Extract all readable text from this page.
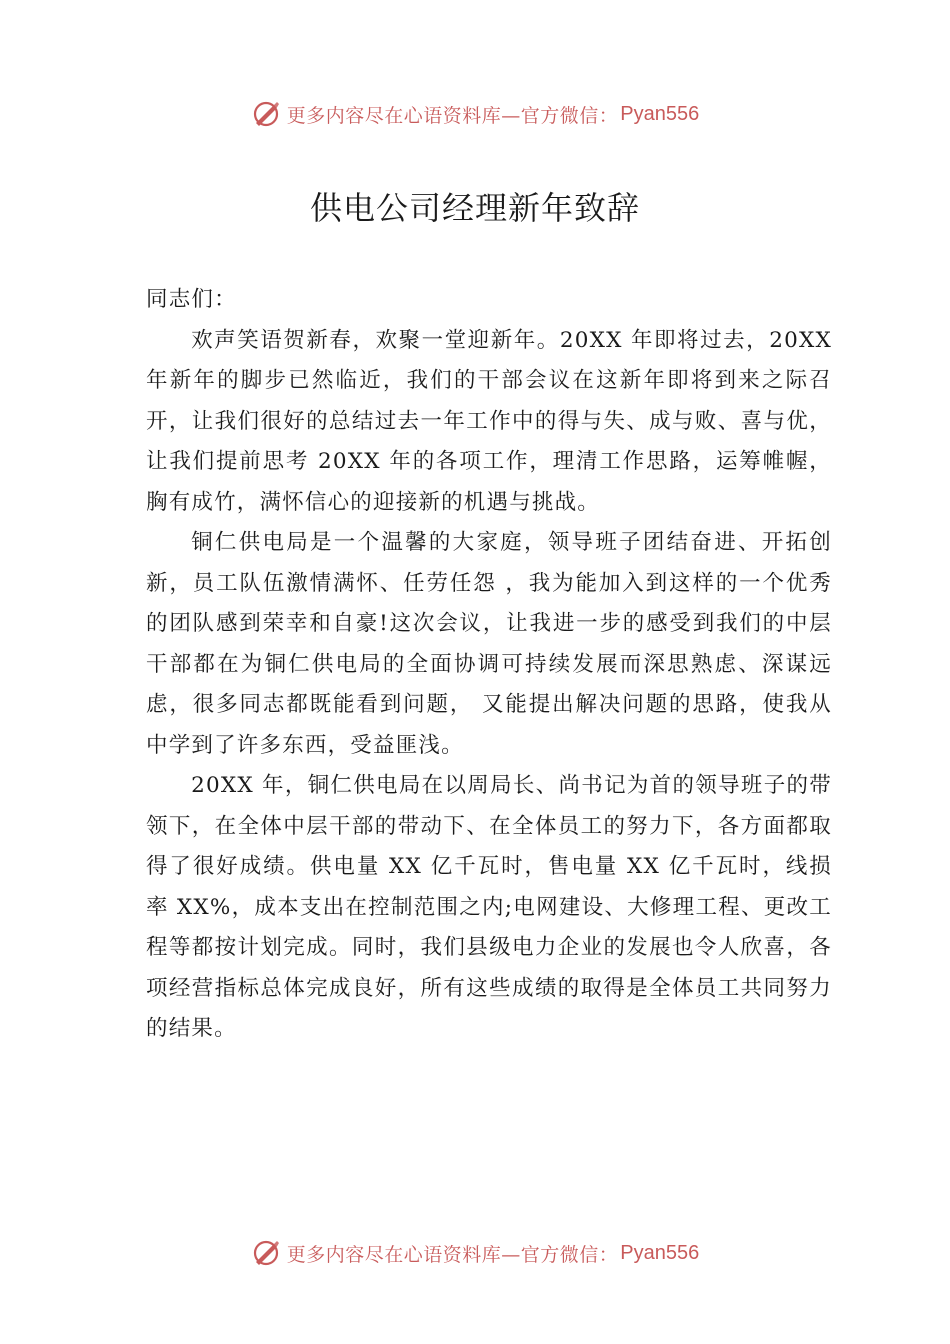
更多内容尽在心语资料库—官方微信： Pyan556
供电公司经理新年致辞

同志们：

欢声笑语贺新春，欢聚一堂迎新年。20XX 年即将过去，20XX 年新年的脚步已然临近，我们的干部会议在这新年即将到来之际召开，让我们很好的总结过去一年工作中的得与失、成与败、喜与优，让我们提前思考 20XX 年的各项工作，理清工作思路，运筹帷幄，胸有成竹，满怀信心的迎接新的机遇与挑战。

铜仁供电局是一个温馨的大家庭，领导班子团结奋进、开拓创新，员工队伍激情满怀、任劳任怨 ，我为能加入到这样的一个优秀的团队感到荣幸和自豪!这次会议，让我进一步的感受到我们的中层干部都在为铜仁供电局的全面协调可持续发展而深思熟虑、深谋远虑，很多同志都既能看到问题， 又能提出解决问题的思路，使我从中学到了许多东西，受益匪浅。

20XX 年，铜仁供电局在以周局长、尚书记为首的领导班子的带领下，在全体中层干部的带动下、在全体员工的努力下，各方面都取得了很好成绩。供电量 XX 亿千瓦时，售电量 XX 亿千瓦时，线损率 XX%，成本支出在控制范围之内;电网建设、大修理工程、更改工程等都按计划完成。同时，我们县级电力企业的发展也令人欣喜，各项经营指标总体完成良好，所有这些成绩的取得是全体员工共同努力的结果。

更多内容尽在心语资料库—官方微信： Pyan556
